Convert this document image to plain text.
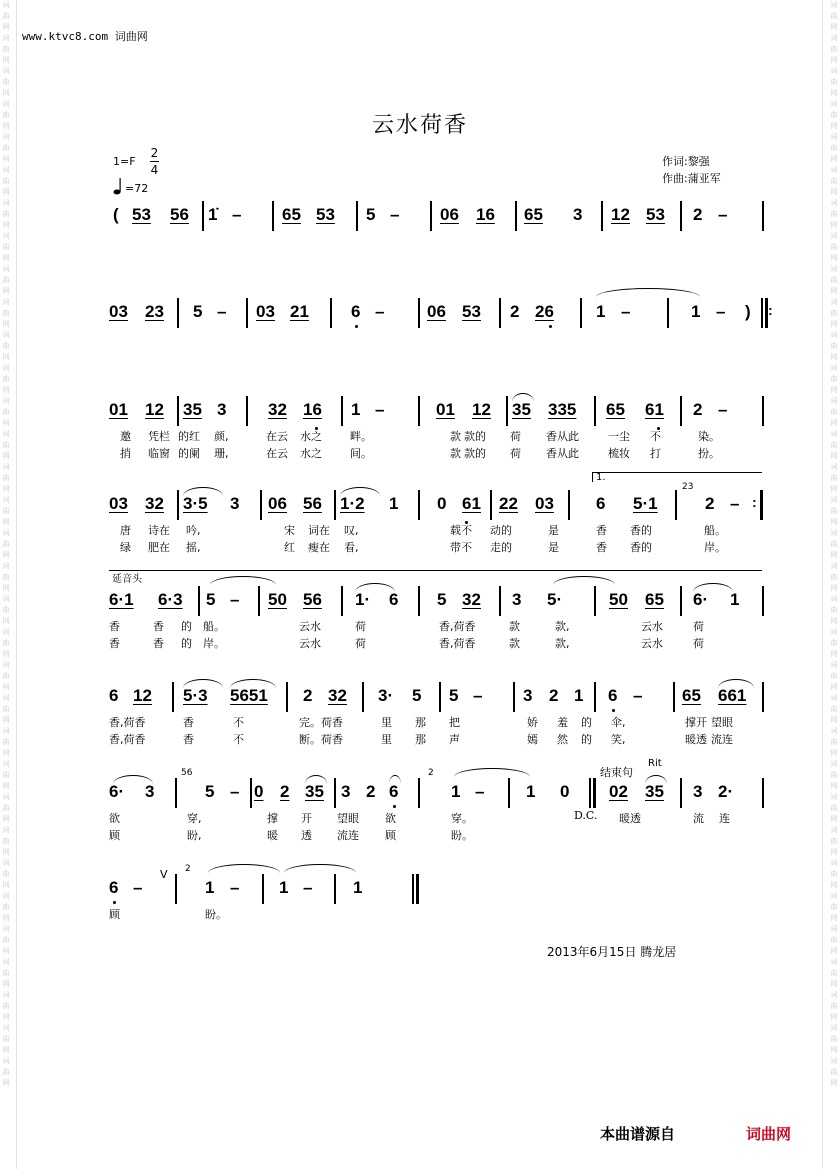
词曲网词曲网词曲网词曲网词曲网词曲网词曲网词曲网词曲网词曲网词曲网词曲网词曲网词曲网词曲网词曲网词曲网词曲网词曲网词曲网词曲网词曲网词曲网词曲网词曲网词曲网词曲网词曲网词曲网词曲网词曲网词曲网词曲网
词曲网词曲网词曲网词曲网词曲网词曲网词曲网词曲网词曲网词曲网词曲网词曲网词曲网词曲网词曲网词曲网词曲网词曲网词曲网词曲网词曲网词曲网词曲网词曲网词曲网词曲网词曲网词曲网词曲网词曲网词曲网词曲网词曲网
www.ktvc8.com 词曲网
云水荷香
1=F
2
4
=72
作词:黎强
作曲:蒲亚军
( 53 56 1̇ – 65 53 5 – 06 16 65 3 12 53 2 –
03 23 5 – 03 21 6 –	06 53 2 26 1 –	1 – ) :
01 12 35 3 32 16 1 –	01 12 35 335 65 61 2 –
邀 凭栏 的红 颜,	在云 水之	畔。	款 款的 荷 香从此	一尘 不	染。
捎 临窗 的阑 珊,	在云 水之	间。	款 款的 荷 香从此	梳妆 打	扮。
1.
03 32 3·5 3 06 56 1·2 1 0 61 22 03 6 5·1
23
2 – :
唐 诗在 吟,	宋 词在 叹,	载不 动的	是	香 香的	船。
绿 肥在 摇,	红 瘦在 看,	带不 走的	是	香 香的	岸。
延音头
6·1 6·3 5 – 50 56 1· 6 5 32 3 5·	50 65 6· 1
香	香 的 船。	云水	荷	香,荷香	款	款,	云水	荷
香	香 的 岸。	云水	荷	香,荷香	款	款,	云水	荷
6 12 5·3 5651 2 32 3· 5 5 – 3 2 1 6 – 65 661
香,荷香	香	不	完。荷香	里 那 把	娇 羞 的 伞,	撑开 望眼
香,荷香	香	不	断。荷香	里 那 声	嫣 然 的 笑,	暖透 流连
6· 3
56
5 – 0 2 35 3 2 6
2
1 – 1 0
结束句
Rit
02 35 3 2·
欲	穿,	撑 开 望眼 欲	穿。	暖透	流 连
D.C.
顾	盼,	暖 透 流连 顾	盼。
6 –
V 2
1 – 1 – 1
顾	盼。
2013年6月15日 腾龙居
本曲谱源自	词曲网
